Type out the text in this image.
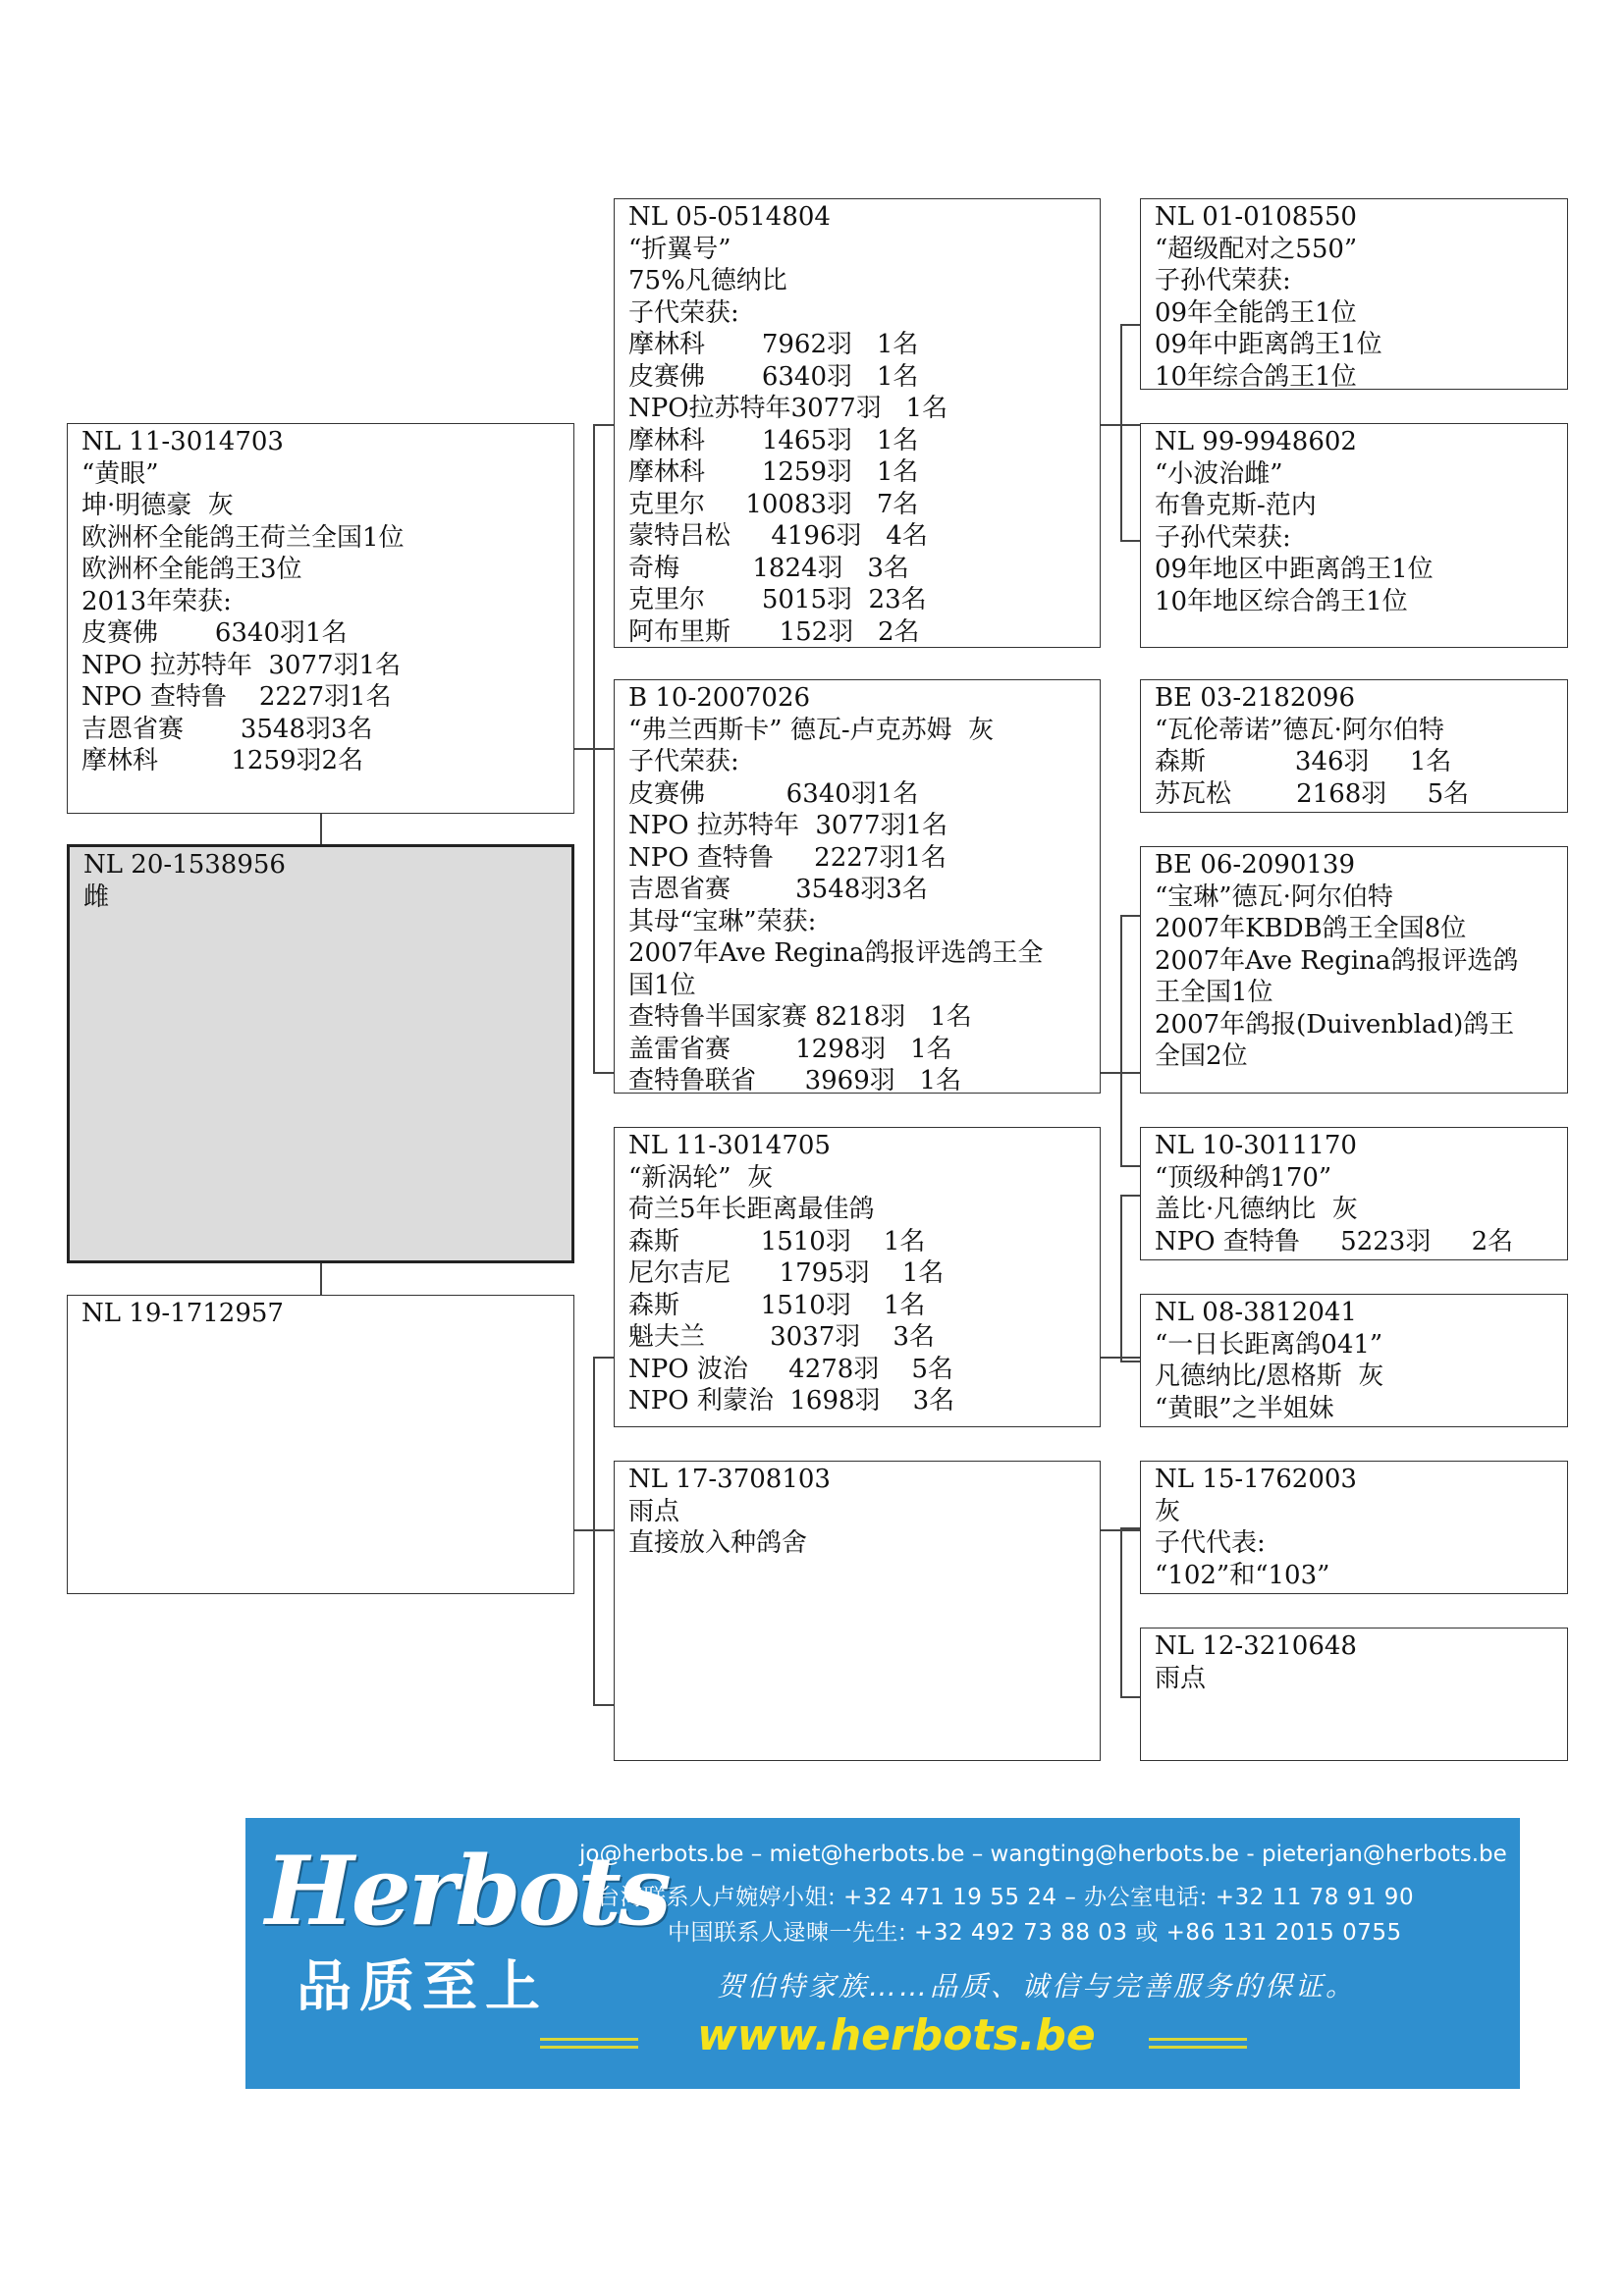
NL 11-3014703
“黄眼”
坤·明德豪  灰
欧洲杯全能鸽王荷兰全国1位
欧洲杯全能鸽王3位
2013年荣获:
皮赛佛       6340羽1名
NPO 拉苏特年  3077羽1名
NPO 查特鲁    2227羽1名
吉恩省赛       3548羽3名
摩林科         1259羽2名
NL 20-1538956
雌
NL 19-1712957
NL 05-0514804
“折翼号”
75%凡德纳比
子代荣获:
摩林科       7962羽   1名
皮赛佛       6340羽   1名
NPO拉苏特年3077羽   1名
摩林科       1465羽   1名
摩林科       1259羽   1名
克里尔     10083羽   7名
蒙特吕松     4196羽   4名
奇梅         1824羽   3名
克里尔       5015羽  23名
阿布里斯      152羽   2名
B 10-2007026
“弗兰西斯卡” 德瓦-卢克苏姆  灰
子代荣获:
皮赛佛          6340羽1名
NPO 拉苏特年  3077羽1名
NPO 查特鲁     2227羽1名
吉恩省赛        3548羽3名
其母“宝琳”荣获:
2007年Ave Regina鸽报评选鸽王全
国1位
查特鲁半国家赛 8218羽   1名
盖雷省赛        1298羽   1名
查特鲁联省      3969羽   1名
NL 11-3014705
“新涡轮”  灰
荷兰5年长距离最佳鸽
森斯          1510羽    1名
尼尔吉尼      1795羽    1名
森斯          1510羽    1名
魁夫兰        3037羽    3名
NPO 波治     4278羽    5名
NPO 利蒙治  1698羽    3名
NL 17-3708103
雨点
直接放入种鸽舍
NL 01-0108550
“超级配对之550”
子孙代荣获:
09年全能鸽王1位
09年中距离鸽王1位
10年综合鸽王1位
NL 99-9948602
“小波治雌”
布鲁克斯-范内
子孙代荣获:
09年地区中距离鸽王1位
10年地区综合鸽王1位
BE 03-2182096
“瓦伦蒂诺”德瓦·阿尔伯特
森斯           346羽     1名
苏瓦松        2168羽     5名
BE 06-2090139
“宝琳”德瓦·阿尔伯特
2007年KBDB鸽王全国8位
2007年Ave Regina鸽报评选鸽
王全国1位
2007年鸽报(Duivenblad)鸽王
全国2位
NL 10-3011170
“顶级种鸽170”
盖比·凡德纳比  灰
NPO 查特鲁     5223羽     2名
NL 08-3812041
“一日长距离鸽041”
凡德纳比/恩格斯  灰
“黄眼”之半姐妹
NL 15-1762003
灰
子代代表:
“102”和“103”
NL 12-3210648
雨点
Herbots
品质至上
jo@herbots.be – miet@herbots.be – wangting@herbots.be - pieterjan@herbots.be
台湾联系人卢婉婷小姐: +32 471 19 55 24 – 办公室电话: +32 11 78 91 90
中国联系人逯暕一先生: +32 492 73 88 03 或 +86 131 2015 0755
贺伯特家族……品质、诚信与完善服务的保证。
www.herbots.be
